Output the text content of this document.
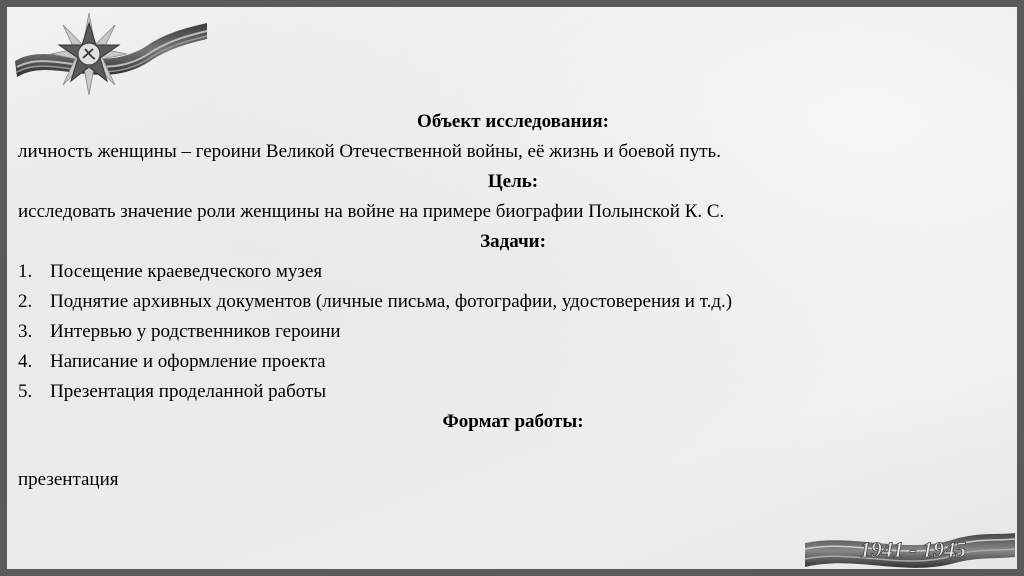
Объект исследования:
личность женщины – героини Великой Отечественной войны, её жизнь и боевой путь.
Цель:
исследовать значение роли женщины на войне на примере биографии Полынской К. С.
Задачи:
1. Посещение краеведческого музея
2. Поднятие архивных документов (личные письма, фотографии, удостоверения и т.д.)
3. Интервью у родственников героини
4. Написание и оформление проекта
5. Презентация проделанной работы
Формат работы:
презентация
1941 - 1945
